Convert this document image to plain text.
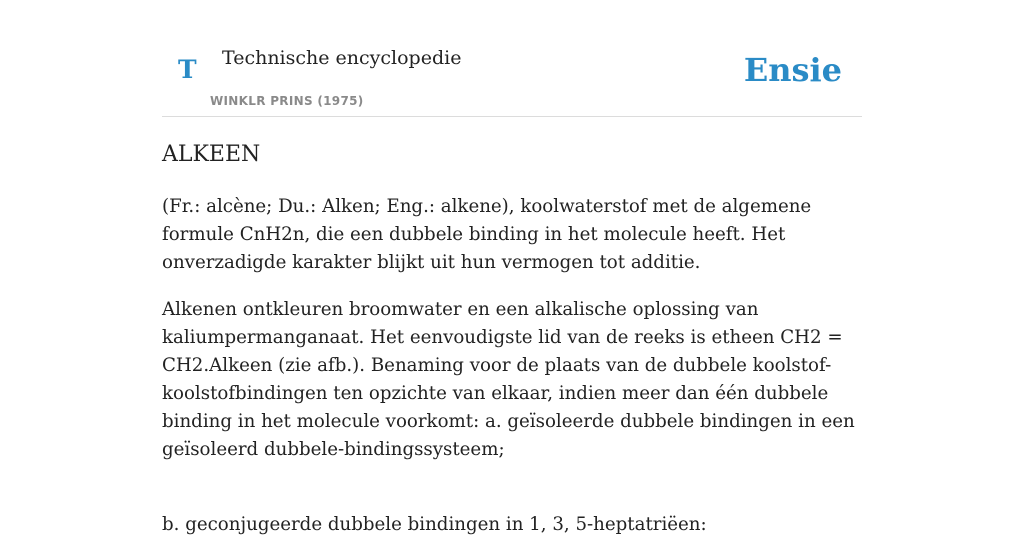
T Technische encyclopedie
WINKLR PRINS (1975)
Ensie
ALKEEN

(Fr.: alcène; Du.: Alken; Eng.: alkene), koolwaterstof met de algemene formule CnH2n, die een dubbele binding in het molecule heeft. Het onverzadigde karakter blijkt uit hun vermogen tot additie.

Alkenen ontkleuren broomwater en een alkalische oplossing van kaliumpermanganaat. Het eenvoudigste lid van de reeks is etheen CH2 = CH2.Alkeen (zie afb.). Benaming voor de plaats van de dubbele koolstof-koolstofbindingen ten opzichte van elkaar, indien meer dan één dubbele binding in het molecule voorkomt: a. geïsoleerde dubbele bindingen in een geïsoleerd dubbele-bindingssysteem;

b. geconjugeerde dubbele bindingen in 1, 3, 5-heptatriëen:
